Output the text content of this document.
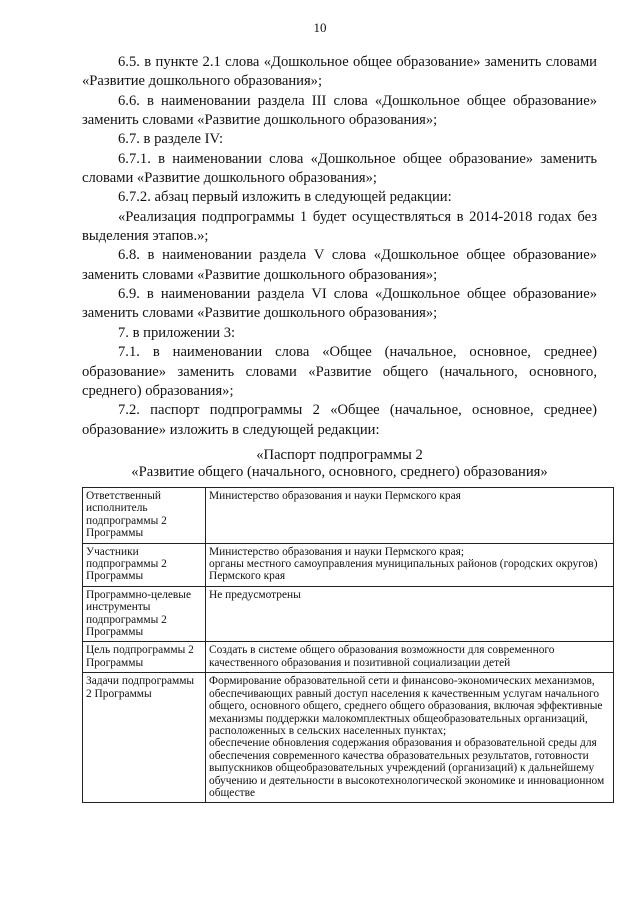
10

6.5. в пункте 2.1 слова «Дошкольное общее образование» заменить словами «Развитие дошкольного образования»;

6.6. в наименовании раздела III слова «Дошкольное общее образование» заменить словами «Развитие дошкольного образования»;

6.7. в разделе IV:

6.7.1. в наименовании слова «Дошкольное общее образование» заменить словами «Развитие дошкольного образования»;

6.7.2. абзац первый изложить в следующей редакции:

«Реализация подпрограммы 1 будет осуществляться в 2014-2018 годах без выделения этапов.»;

6.8. в наименовании раздела V слова «Дошкольное общее образование» заменить словами «Развитие дошкольного образования»;

6.9. в наименовании раздела VI слова «Дошкольное общее образование» заменить словами «Развитие дошкольного образования»;

7. в приложении 3:

7.1. в наименовании слова «Общее (начальное, основное, среднее) образование» заменить словами «Развитие общего (начального, основного, среднего) образования»;

7.2. паспорт подпрограммы 2 «Общее (начальное, основное, среднее) образование» изложить в следующей редакции:

«Паспорт подпрограммы 2
«Развитие общего (начального, основного, среднего) образования»
Ответственный исполнитель подпрограммы 2 Программы	Министерство образования и науки Пермского края

Участники подпрограммы 2 Программы	Министерство образования и науки Пермского края;
органы местного самоуправления муниципальных районов (городских округов) Пермского края

Программно-целевые инструменты подпрограммы 2 Программы	Не предусмотрены

Цель подпрограммы 2 Программы	Создать в системе общего образования возможности для современного качественного образования и позитивной социализации детей

Задачи подпрограммы 2 Программы	Формирование образовательной сети и финансово-экономических механизмов, обеспечивающих равный доступ населения к качественным услугам начального общего, основного общего, среднего общего образования, включая эффективные механизмы поддержки малокомплектных общеобразовательных организаций, расположенных в сельских населенных пунктах;
обеспечение обновления содержания образования и образовательной среды для обеспечения современного качества образовательных результатов, готовности выпускников общеобразовательных учреждений (организаций) к дальнейшему обучению и деятельности в высокотехнологической экономике и инновационном обществе
